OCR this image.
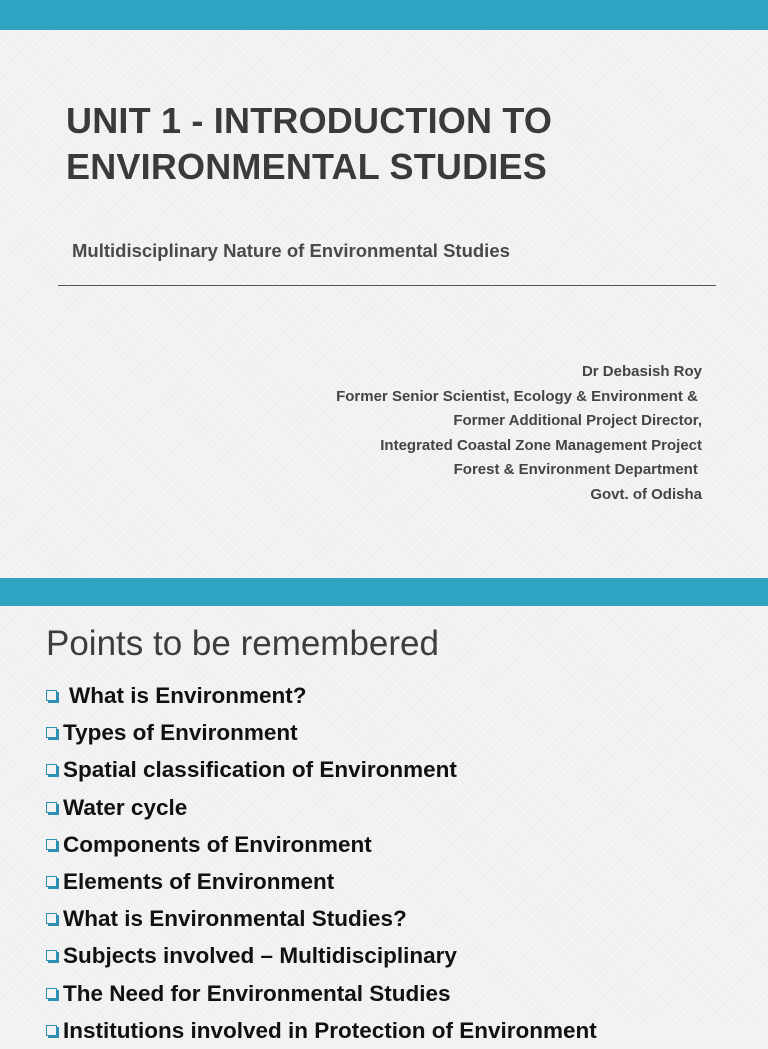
UNIT 1 - INTRODUCTION TO
ENVIRONMENTAL STUDIES

Multidisciplinary Nature of Environmental Studies

Dr Debasish Roy
Former Senior Scientist, Ecology & Environment &
Former Additional Project Director,
Integrated Coastal Zone Management Project
Forest & Environment Department
Govt. of Odisha
Points to be remembered
What is Environment?
Types of Environment
Spatial classification of Environment
Water cycle
Components of Environment
Elements of Environment
What is Environmental Studies?
Subjects involved – Multidisciplinary
The Need for Environmental Studies
Institutions involved in Protection of Environment
